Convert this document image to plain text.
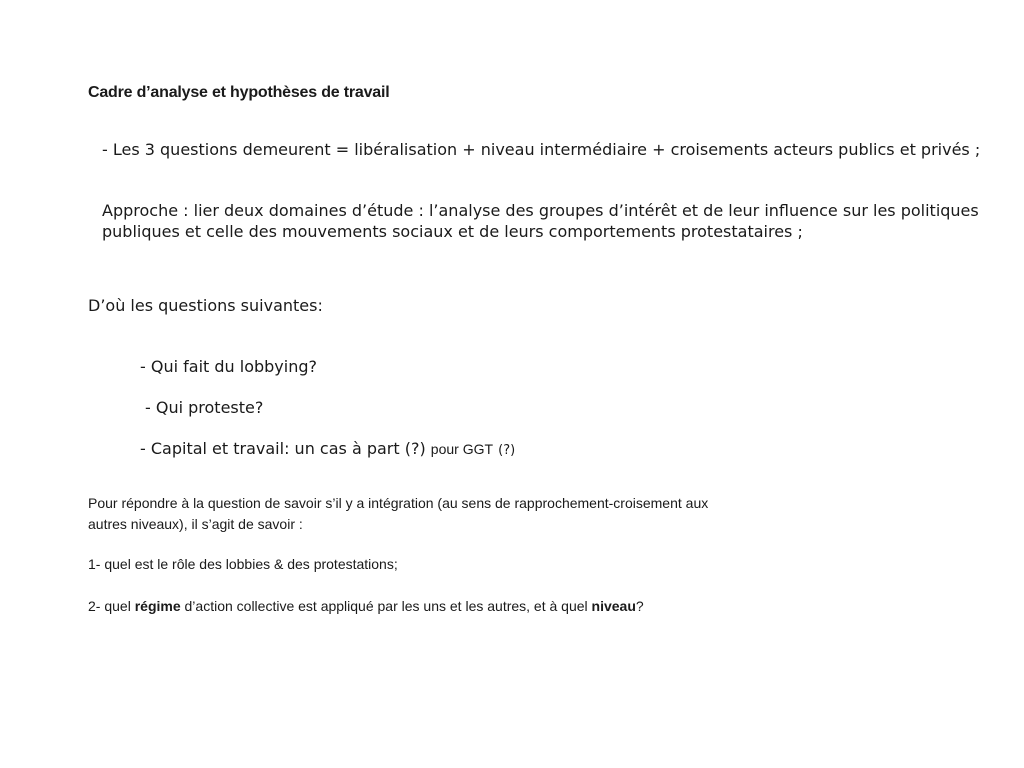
Cadre d’analyse et hypothèses de travail
- Les 3 questions demeurent = libéralisation + niveau intermédiaire + croisements acteurs publics et privés ;
Approche : lier deux domaines d’étude : l’analyse des groupes d’intérêt et de leur influence sur les politiques publiques et celle des mouvements sociaux et de leurs comportements protestataires ;
D’où les questions suivantes:
- Qui fait du lobbying?
- Qui proteste?
- Capital et travail: un cas à part (?) pour GGT (?)
Pour répondre à la question de savoir s’il y a intégration (au sens de rapprochement-croisement aux
autres niveaux), il s’agit de savoir :
1- quel est le rôle des lobbies & des protestations;
2- quel régime d’action collective est appliqué par les uns et les autres, et à quel niveau?
